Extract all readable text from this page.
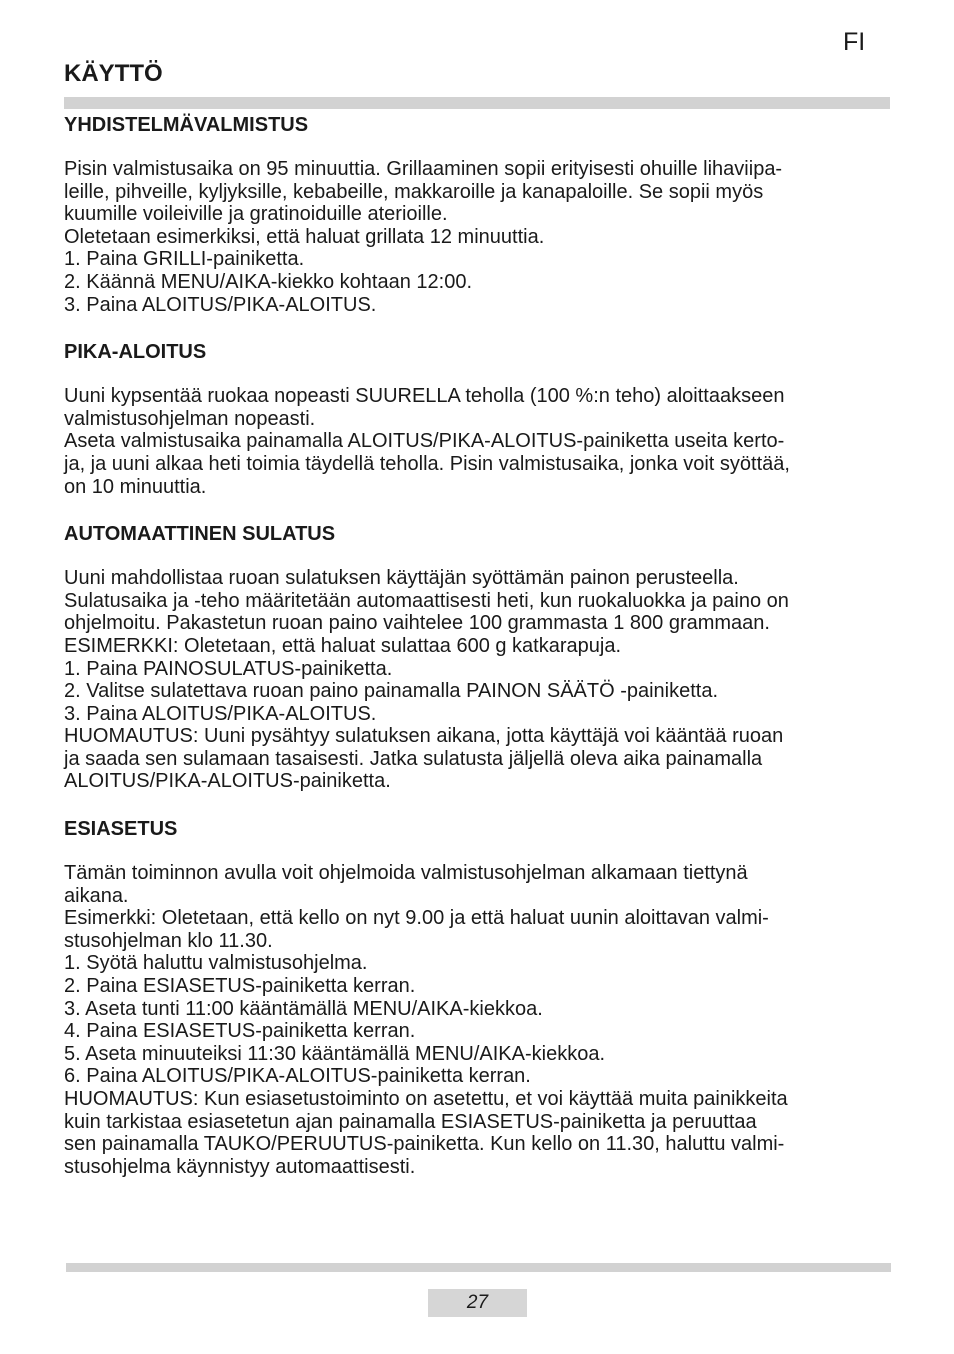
FI
KÄYTTÖ
YHDISTELMÄVALMISTUS
Pisin valmistusaika on 95 minuuttia. Grillaaminen sopii erityisesti ohuille lihaviipa-
leille, pihveille, kyljyksille, kebabeille, makkaroille ja kanapaloille. Se sopii myös
kuumille voileiville ja gratinoiduille aterioille.
Oletetaan esimerkiksi, että haluat grillata 12 minuuttia.
1. Paina GRILLI-painiketta.
2. Käännä MENU/AIKA-kiekko kohtaan 12:00.
3. Paina ALOITUS/PIKA-ALOITUS.
PIKA-ALOITUS
Uuni kypsentää ruokaa nopeasti SUURELLA teholla (100 %:n teho) aloittaakseen
valmistusohjelman nopeasti.
Aseta valmistusaika painamalla ALOITUS/PIKA-ALOITUS-painiketta useita kerto-
ja, ja uuni alkaa heti toimia täydellä teholla. Pisin valmistusaika, jonka voit syöttää,
on 10 minuuttia.
AUTOMAATTINEN SULATUS
Uuni mahdollistaa ruoan sulatuksen käyttäjän syöttämän painon perusteella.
Sulatusaika ja -teho määritetään automaattisesti heti, kun ruokaluokka ja paino on
ohjelmoitu. Pakastetun ruoan paino vaihtelee 100 grammasta 1 800 grammaan.
ESIMERKKI: Oletetaan, että haluat sulattaa 600 g katkarapuja.
1. Paina PAINOSULATUS-painiketta.
2. Valitse sulatettava ruoan paino painamalla PAINON SÄÄTÖ -painiketta.
3. Paina ALOITUS/PIKA-ALOITUS.
HUOMAUTUS: Uuni pysähtyy sulatuksen aikana, jotta käyttäjä voi kääntää ruoan
ja saada sen sulamaan tasaisesti. Jatka sulatusta jäljellä oleva aika painamalla
ALOITUS/PIKA-ALOITUS-painiketta.
ESIASETUS
Tämän toiminnon avulla voit ohjelmoida valmistusohjelman alkamaan tiettynä
aikana.
Esimerkki: Oletetaan, että kello on nyt 9.00 ja että haluat uunin aloittavan valmi-
stusohjelman klo 11.30.
1. Syötä haluttu valmistusohjelma.
2. Paina ESIASETUS-painiketta kerran.
3. Aseta tunti 11:00 kääntämällä MENU/AIKA-kiekkoa.
4. Paina ESIASETUS-painiketta kerran.
5. Aseta minuuteiksi 11:30 kääntämällä MENU/AIKA-kiekkoa.
6. Paina ALOITUS/PIKA-ALOITUS-painiketta kerran.
HUOMAUTUS: Kun esiasetustoiminto on asetettu, et voi käyttää muita painikkeita
kuin tarkistaa esiasetetun ajan painamalla ESIASETUS-painiketta ja peruuttaa
sen painamalla TAUKO/PERUUTUS-painiketta. Kun kello on 11.30, haluttu valmi-
stusohjelma käynnistyy automaattisesti.
27
